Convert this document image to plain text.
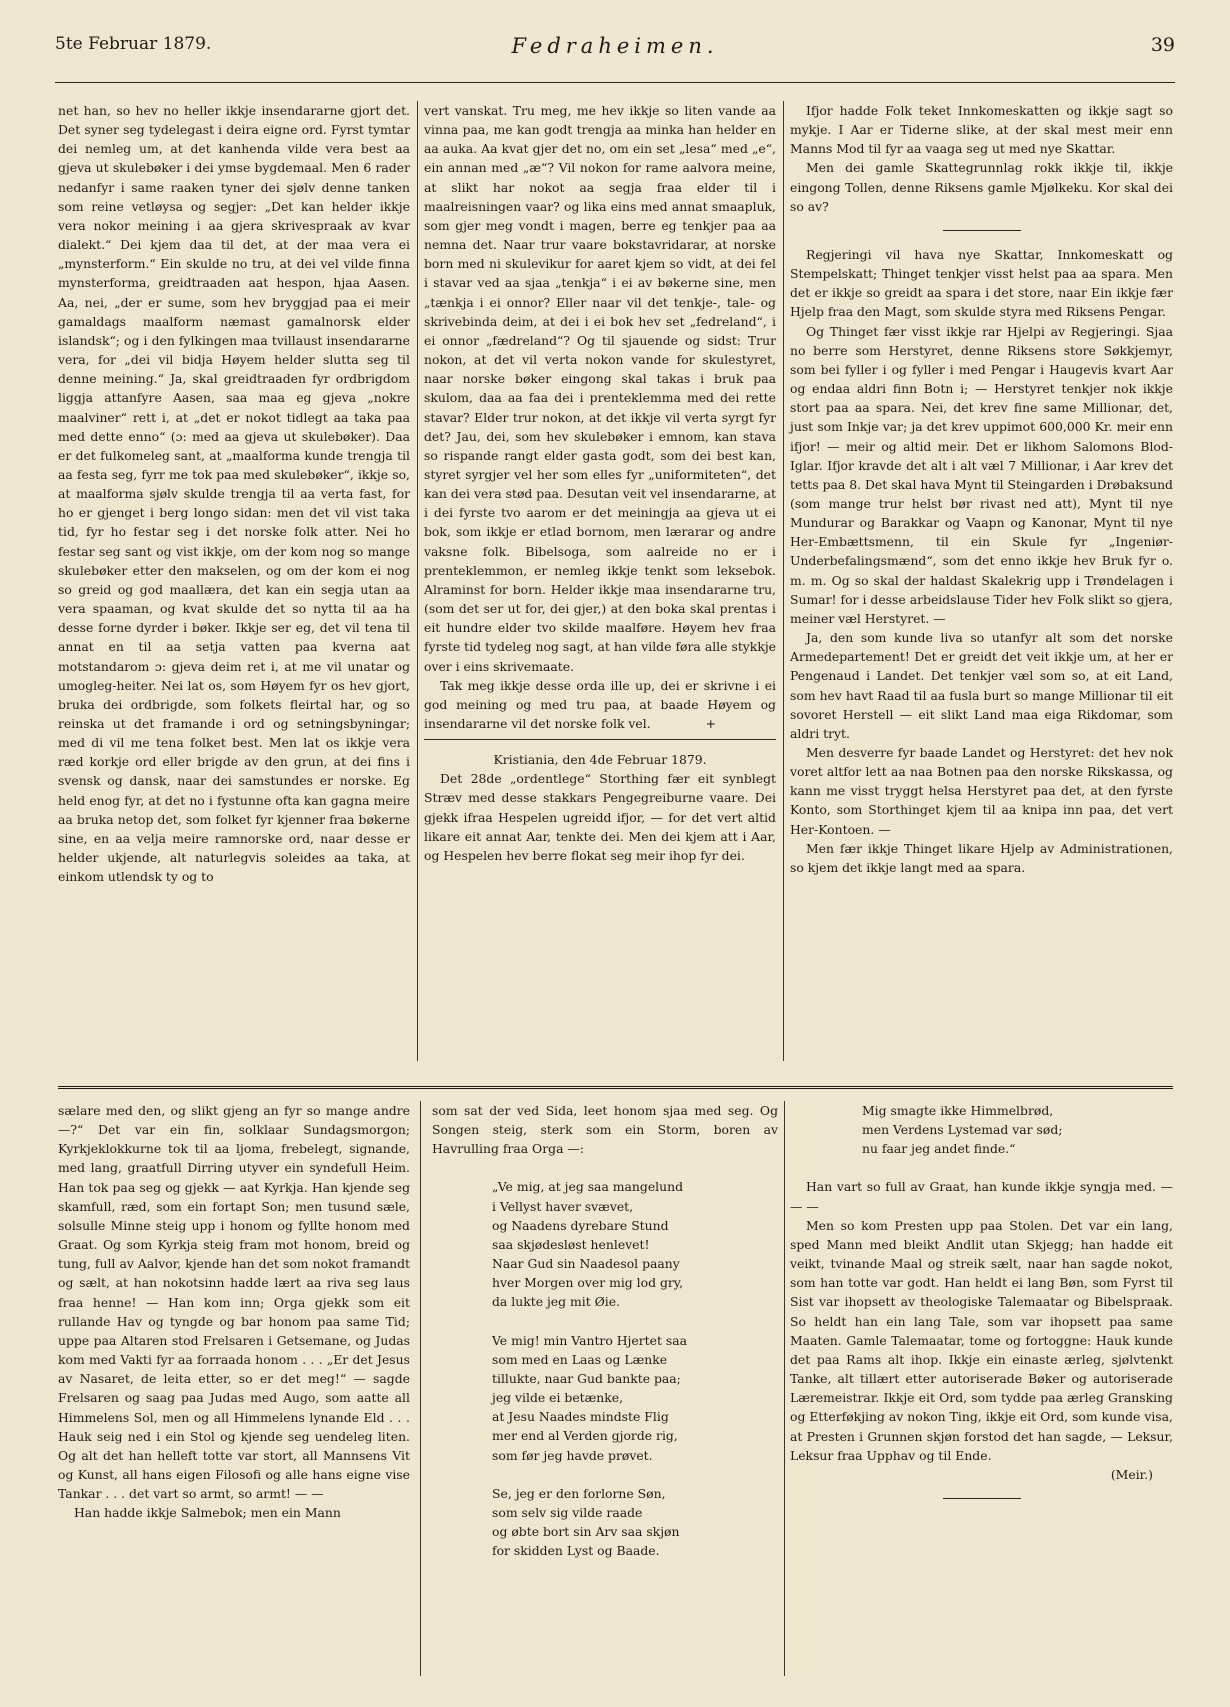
5te Februar 1879.	Fedraheimen.	39

net han, so hev no heller ikkje insendararne gjort det. Det syner seg tydelegast i deira eigne ord. Fyrst tymtar dei nemleg um, at det kanhenda vilde vera best aa gjeva ut skulebøker i dei ymse bygdemaal. Men 6 rader nedanfyr i same raaken tyner dei sjølv denne tanken som reine vetløysa og segjer: „Det kan helder ikkje vera nokor meining i aa gjera skrivespraak av kvar dialekt.“ Dei kjem daa til det, at der maa vera ei „mynsterform.“ Ein skulde no tru, at dei vel vilde finna mynsterforma, greidtraaden aat hespon, hjaa Aasen. Aa, nei, „der er sume, som hev bryggjad paa ei meir gamaldags maalform næmast gamalnorsk elder islandsk“; og i den fylkingen maa tvillaust insendararne vera, for „dei vil bidja Høyem helder slutta seg til denne meining.“ Ja, skal greidtraaden fyr ordbrigdom liggja attanfyre Aasen, saa maa eg gjeva „nokre maalviner“ rett i, at „det er nokot tidlegt aa taka paa med dette enno“ (ɔ: med aa gjeva ut skulebøker). Daa er det fulkomeleg sant, at „maalforma kunde trengja til aa festa seg, fyrr me tok paa med skulebøker“, ikkje so, at maalforma sjølv skulde trengja til aa verta fast, for ho er gjenget i berg longo sidan: men det vil vist taka tid, fyr ho festar seg i det norske folk atter. Nei ho festar seg sant og vist ikkje, om der kom nog so mange skulebøker etter den makselen, og om der kom ei nog so greid og god maallæra, det kan ein segja utan aa vera spaaman, og kvat skulde det so nytta til aa ha desse forne dyrder i bøker. Ikkje ser eg, det vil tena til annat en til aa setja vatten paa kverna aat motstandarom ɔ: gjeva deim ret i, at me vil unatar og umogleg-heiter. Nei lat os, som Høyem fyr os hev gjort, bruka dei ordbrigde, som folkets fleirtal har, og so reinska ut det framande i ord og setningsbyningar; med di vil me tena folket best. Men lat os ikkje vera ræd korkje ord eller brigde av den grun, at dei fins i svensk og dansk, naar dei samstundes er norske. Eg held enog fyr, at det no i fystunne ofta kan gagna meire aa bruka netop det, som folket fyr kjenner fraa bøkerne sine, en aa velja meire ramnorske ord, naar desse er helder ukjende, alt naturlegvis soleides aa taka, at einkom utlendsk ty og to

vert vanskat. Tru meg, me hev ikkje so liten vande aa vinna paa, me kan godt trengja aa minka han helder en aa auka. Aa kvat gjer det no, om ein set „lesa“ med „e“, ein annan med „æ“? Vil nokon for rame aalvora meine, at slikt har nokot aa segja fraa elder til i maalreisningen vaar? og lika eins med annat smaapluk, som gjer meg vondt i magen, berre eg tenkjer paa aa nemna det. Naar trur vaare bokstavridarar, at norske born med ni skulevikur for aaret kjem so vidt, at dei fel i stavar ved aa sjaa „tenkja“ i ei av bøkerne sine, men „tænkja i ei onnor? Eller naar vil det tenkje-, tale- og skrivebinda deim, at dei i ei bok hev set „fedreland“, i ei onnor „fædreland“? Og til sjauende og sidst: Trur nokon, at det vil verta nokon vande for skulestyret, naar norske bøker eingong skal takas i bruk paa skulom, daa aa faa dei i prenteklemma med dei rette stavar? Elder trur nokon, at det ikkje vil verta syrgt fyr det? Jau, dei, som hev skulebøker i emnom, kan stava so rispande rangt elder gasta godt, som dei best kan, styret syrgjer vel her som elles fyr „uniformiteten“, det kan dei vera stød paa. Desutan veit vel insendararne, at i dei fyrste tvo aarom er det meiningja aa gjeva ut ei bok, som ikkje er etlad bornom, men lærarar og andre vaksne folk. Bibelsoga, som aalreide no er i prenteklemmon, er nemleg ikkje tenkt som leksebok. Alraminst for born. Helder ikkje maa insendararne tru, (som det ser ut for, dei gjer,) at den boka skal prentas i eit hundre elder tvo skilde maalføre. Høyem hev fraa fyrste tid tydeleg nog sagt, at han vilde føra alle stykkje over i eins skrivemaate.

Tak meg ikkje desse orda ille up, dei er skrivne i ei god meining og med tru paa, at baade Høyem og insendararne vil det norske folk vel.	+

Kristiania, den 4de Februar 1879.

Det 28de „ordentlege“ Storthing fær eit synblegt Stræv med desse stakkars Pengegreiburne vaare. Dei gjekk ifraa Hespelen ugreidd ifjor, — for det vert altid likare eit annat Aar, tenkte dei. Men dei kjem att i Aar, og Hespelen hev berre flokat seg meir ihop fyr dei.

Ifjor hadde Folk teket Innkomeskatten og ikkje sagt so mykje. I Aar er Tiderne slike, at der skal mest meir enn Manns Mod til fyr aa vaaga seg ut med nye Skattar.

Men dei gamle Skattegrunnlag rokk ikkje til, ikkje eingong Tollen, denne Riksens gamle Mjølkeku. Kor skal dei so av?

Regjeringi vil hava nye Skattar, Innkomeskatt og Stempelskatt; Thinget tenkjer visst helst paa aa spara. Men det er ikkje so greidt aa spara i det store, naar Ein ikkje fær Hjelp fraa den Magt, som skulde styra med Riksens Pengar.

Og Thinget fær visst ikkje rar Hjelpi av Regjeringi. Sjaa no berre som Herstyret, denne Riksens store Søkkjemyr, som bei fyller i og fyller i med Pengar i Haugevis kvart Aar og endaa aldri finn Botn i; — Herstyret tenkjer nok ikkje stort paa aa spara. Nei, det krev fine same Millionar, det, just som Inkje var; ja det krev uppimot 600,000 Kr. meir enn ifjor! — meir og altid meir. Det er likhom Salomons Blod-Iglar. Ifjor kravde det alt i alt væl 7 Millionar, i Aar krev det tetts paa 8. Det skal hava Mynt til Steingarden i Drøbaksund (som mange trur helst bør rivast ned att), Mynt til nye Mundurar og Barakkar og Vaapn og Kanonar, Mynt til nye Her-Embættsmenn, til ein Skule fyr „Ingeniør-Underbefalingsmænd“, som det enno ikkje hev Bruk fyr o. m. m. Og so skal der haldast Skalekrig upp i Trøndelagen i Sumar! for i desse arbeidslause Tider hev Folk slikt so gjera, meiner væl Herstyret. —

Ja, den som kunde liva so utanfyr alt som det norske Armedepartement! Det er greidt det veit ikkje um, at her er Pengenaud i Landet. Det tenkjer væl som so, at eit Land, som hev havt Raad til aa fusla burt so mange Millionar til eit sovoret Herstell — eit slikt Land maa eiga Rikdomar, som aldri tryt.

Men desverre fyr baade Landet og Herstyret: det hev nok voret altfor lett aa naa Botnen paa den norske Rikskassa, og kann me visst tryggt helsa Herstyret paa det, at den fyrste Konto, som Storthinget kjem til aa knipa inn paa, det vert Her-Kontoen. —

Men fær ikkje Thinget likare Hjelp av Administrationen, so kjem det ikkje langt med aa spara.

sælare med den, og slikt gjeng an fyr so mange andre —?“ Det var ein fin, solklaar Sundagsmorgon; Kyrkjeklokkurne tok til aa ljoma, frebelegt, signande, med lang, graatfull Dirring utyver ein syndefull Heim. Han tok paa seg og gjekk — aat Kyrkja. Han kjende seg skamfull, ræd, som ein fortapt Son; men tusund sæle, solsulle Minne steig upp i honom og fyllte honom med Graat. Og som Kyrkja steig fram mot honom, breid og tung, full av Aalvor, kjende han det som nokot framandt og sælt, at han nokotsinn hadde lært aa riva seg laus fraa henne! — Han kom inn; Orga gjekk som eit rullande Hav og tyngde og bar honom paa same Tid; uppe paa Altaren stod Frelsaren i Getsemane, og Judas kom med Vakti fyr aa forraada honom . . . „Er det Jesus av Nasaret, de leita etter, so er det meg!“ — sagde Frelsaren og saag paa Judas med Augo, som aatte all Himmelens Sol, men og all Himmelens lynande Eld . . . Hauk seig ned i ein Stol og kjende seg uendeleg liten. Og alt det han helleft totte var stort, all Mannsens Vit og Kunst, all hans eigen Filosofi og alle hans eigne vise Tankar . . . det vart so armt, so armt! — —

Han hadde ikkje Salmebok; men ein Mann

som sat der ved Sida, leet honom sjaa med seg. Og Songen steig, sterk som ein Storm, boren av Havrulling fraa Orga —:

„Ve mig, at jeg saa mangelund
i Vellyst haver svævet,
og Naadens dyrebare Stund
saa skjødesløst henlevet!
Naar Gud sin Naadesol paany
hver Morgen over mig lod gry,
da lukte jeg mit Øie.
Ve mig! min Vantro Hjertet saa
som med en Laas og Lænke
tillukte, naar Gud bankte paa;
jeg vilde ei betænke,
at Jesu Naades mindste Flig
mer end al Verden gjorde rig,
som før jeg havde prøvet.
Se, jeg er den forlorne Søn,
som selv sig vilde raade
og øbte bort sin Arv saa skjøn
for skidden Lyst og Baade.
Mig smagte ikke Himmelbrød,
men Verdens Lystemad var sød;
nu faar jeg andet finde.“

Han vart so full av Graat, han kunde ikkje syngja med. — — —

Men so kom Presten upp paa Stolen. Det var ein lang, sped Mann med bleikt Andlit utan Skjegg; han hadde eit veikt, tvinande Maal og streik sælt, naar han sagde nokot, som han totte var godt. Han heldt ei lang Bøn, som Fyrst til Sist var ihopsett av theologiske Talemaatar og Bibelspraak. So heldt han ein lang Tale, som var ihopsett paa same Maaten. Gamle Talemaatar, tome og fortoggne: Hauk kunde det paa Rams alt ihop. Ikkje ein einaste ærleg, sjølvtenkt Tanke, alt tillært etter autoriserade Bøker og autoriserade Læremeistrar. Ikkje eit Ord, som tydde paa ærleg Gransking og Etterføkjing av nokon Ting, ikkje eit Ord, som kunde visa, at Presten i Grunnen skjøn forstod det han sagde, — Leksur, Leksur fraa Upphav og til Ende.

(Meir.)
